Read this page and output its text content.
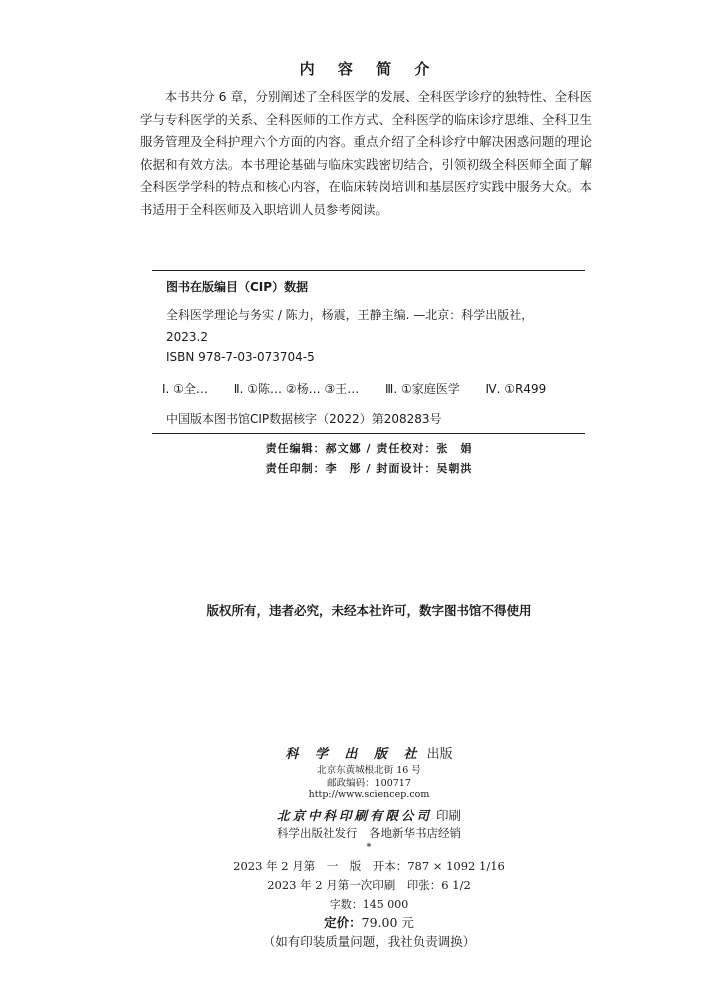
内 容 简 介

本书共分 6 章，分别阐述了全科医学的发展、全科医学诊疗的独特性、全科医学与专科医学的关系、全科医师的工作方式、全科医学的临床诊疗思维、全科卫生服务管理及全科护理六个方面的内容。重点介绍了全科诊疗中解决困惑问题的理论依据和有效方法。本书理论基础与临床实践密切结合，引领初级全科医师全面了解全科医学学科的特点和核心内容，在临床转岗培训和基层医疗实践中服务大众。本书适用于全科医师及入职培训人员参考阅读。

图书在版编目（CIP）数据
全科医学理论与务实 / 陈力，杨震，王静主编. —北京：科学出版社，
2023.2
ISBN 978-7-03-073704-5
Ⅰ. ①全… Ⅱ. ①陈… ②杨… ③王… Ⅲ. ①家庭医学 Ⅳ. ①R499
中国版本图书馆CIP数据核字（2022）第208283号
责任编辑：郝文娜 / 责任校对：张　娟
责任印制：李　彤 / 封面设计：吴朝洪
版权所有，违者必究，未经本社许可，数字图书馆不得使用
科 学 出 版 社 出版
北京东黄城根北街 16 号
邮政编码：100717
http://www.sciencep.com
北京中科印刷有限公司 印刷
科学出版社发行　各地新华书店经销
*
2023 年 2 月第　一　版　开本：787 × 1092 1/16
2023 年 2 月第一次印刷　印张：6 1/2
字数：145 000
定价：79.00 元
（如有印装质量问题，我社负责调换）
